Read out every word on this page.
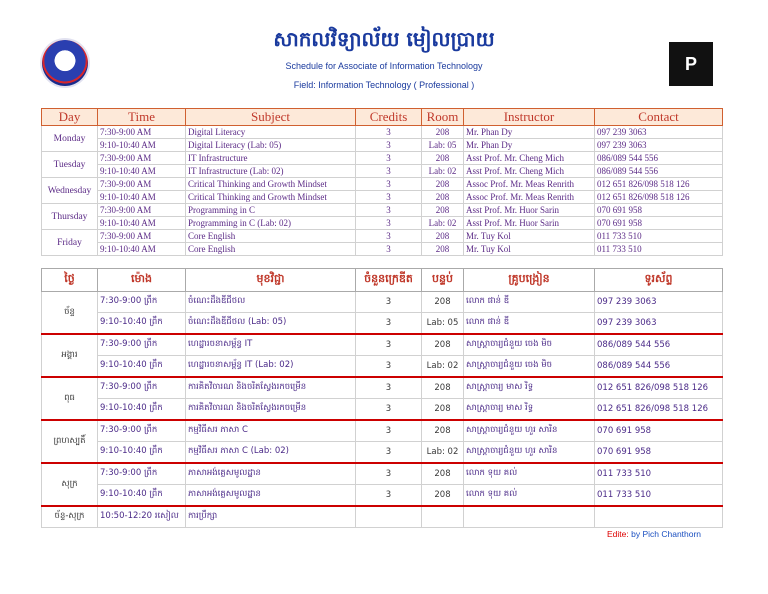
P
សាកលវិទ្យាល័យ មៀលប្រាយ
Schedule for Associate of Information Technology
Field: Information Technology ( Professional )
Day	Time	Subject	Credits	Room	Instructor	Contact
Monday	7:30-9:00 AM	Digital Literacy	3	208	Mr. Phan Dy	097 239 3063
	9:10-10:40 AM	Digital Literacy (Lab: 05)	3	Lab: 05	Mr. Phan Dy	097 239 3063
Tuesday	7:30-9:00 AM	IT Infrastructure	3	208	Asst Prof. Mr. Cheng Mich	086/089 544 556
	9:10-10:40 AM	IT Infrastructure (Lab: 02)	3	Lab: 02	Asst Prof. Mr. Cheng Mich	086/089 544 556
Wednesday	7:30-9:00 AM	Critical Thinking and Growth Mindset	3	208	Assoc Prof. Mr. Meas Renrith	012 651 826/098 518 126
	9:10-10:40 AM	Critical Thinking and Growth Mindset	3	208	Assoc Prof. Mr. Meas Renrith	012 651 826/098 518 126
Thursday	7:30-9:00 AM	Programming in C	3	208	Asst Prof. Mr. Huor Sarin	070 691 958
	9:10-10:40 AM	Programming in C (Lab: 02)	3	Lab: 02	Asst Prof. Mr. Huor Sarin	070 691 958
Friday	7:30-9:00 AM	Core English	3	208	Mr. Tuy Kol	011 733 510
	9:10-10:40 AM	Core English	3	208	Mr. Tuy Kol	011 733 510
ថ្ងៃ	ម៉ោង	មុខវិជ្ជា	ចំនួនក្រេឌីត	បន្ទប់	គ្រូបង្រៀន	ទូរស័ព្ទ
ច័ន្ទ	7:30-9:00 ព្រឹក	ចំណេះដឹងឌីជីថល	3	208	លោក ផាន់ ឌី	097 239 3063
	9:10-10:40 ព្រឹក	ចំណេះដឹងឌីជីថល (Lab: 05)	3	Lab: 05	លោក ផាន់ ឌី	097 239 3063
អង្គារ	7:30-9:00 ព្រឹក	ហេដ្ឋារចនាសម្ព័ន្ធ IT	3	208	សាស្ត្រាចារ្យជំនួយ ចេង មិច	086/089 544 556
	9:10-10:40 ព្រឹក	ហេដ្ឋារចនាសម្ព័ន្ធ IT (Lab: 02)	3	Lab: 02	សាស្ត្រាចារ្យជំនួយ ចេង មិច	086/089 544 556
ពុធ	7:30-9:00 ព្រឹក	ការគិតវិចារណ និងចរិតស្វែងរកចម្រើន	3	208	សាស្ត្រាចារ្យ មាស រិទ្ធ	012 651 826/098 518 126
	9:10-10:40 ព្រឹក	ការគិតវិចារណ និងចរិតស្វែងរកចម្រើន	3	208	សាស្ត្រាចារ្យ មាស រិទ្ធ	012 651 826/098 518 126
ព្រហស្បតិ៍	7:30-9:00 ព្រឹក	កម្មវិធីសរ ភាសា C	3	208	សាស្ត្រាចារ្យជំនួយ ហួរ សារិន	070 691 958
	9:10-10:40 ព្រឹក	កម្មវិធីសរ ភាសា C (Lab: 02)	3	Lab: 02	សាស្ត្រាចារ្យជំនួយ ហួរ សារិន	070 691 958
សុក្រ	7:30-9:00 ព្រឹក	ភាសាអង់គ្លេសមូលដ្ឋាន	3	208	លោក ទុយ គល់	011 733 510
	9:10-10:40 ព្រឹក	ភាសាអង់គ្លេសមូលដ្ឋាន	3	208	លោក ទុយ គល់	011 733 510
ច័ន្ទ-សុក្រ	10:50-12:20 រសៀល	ការប្រឹក្សា				
Edite: by Pich Chanthorn
